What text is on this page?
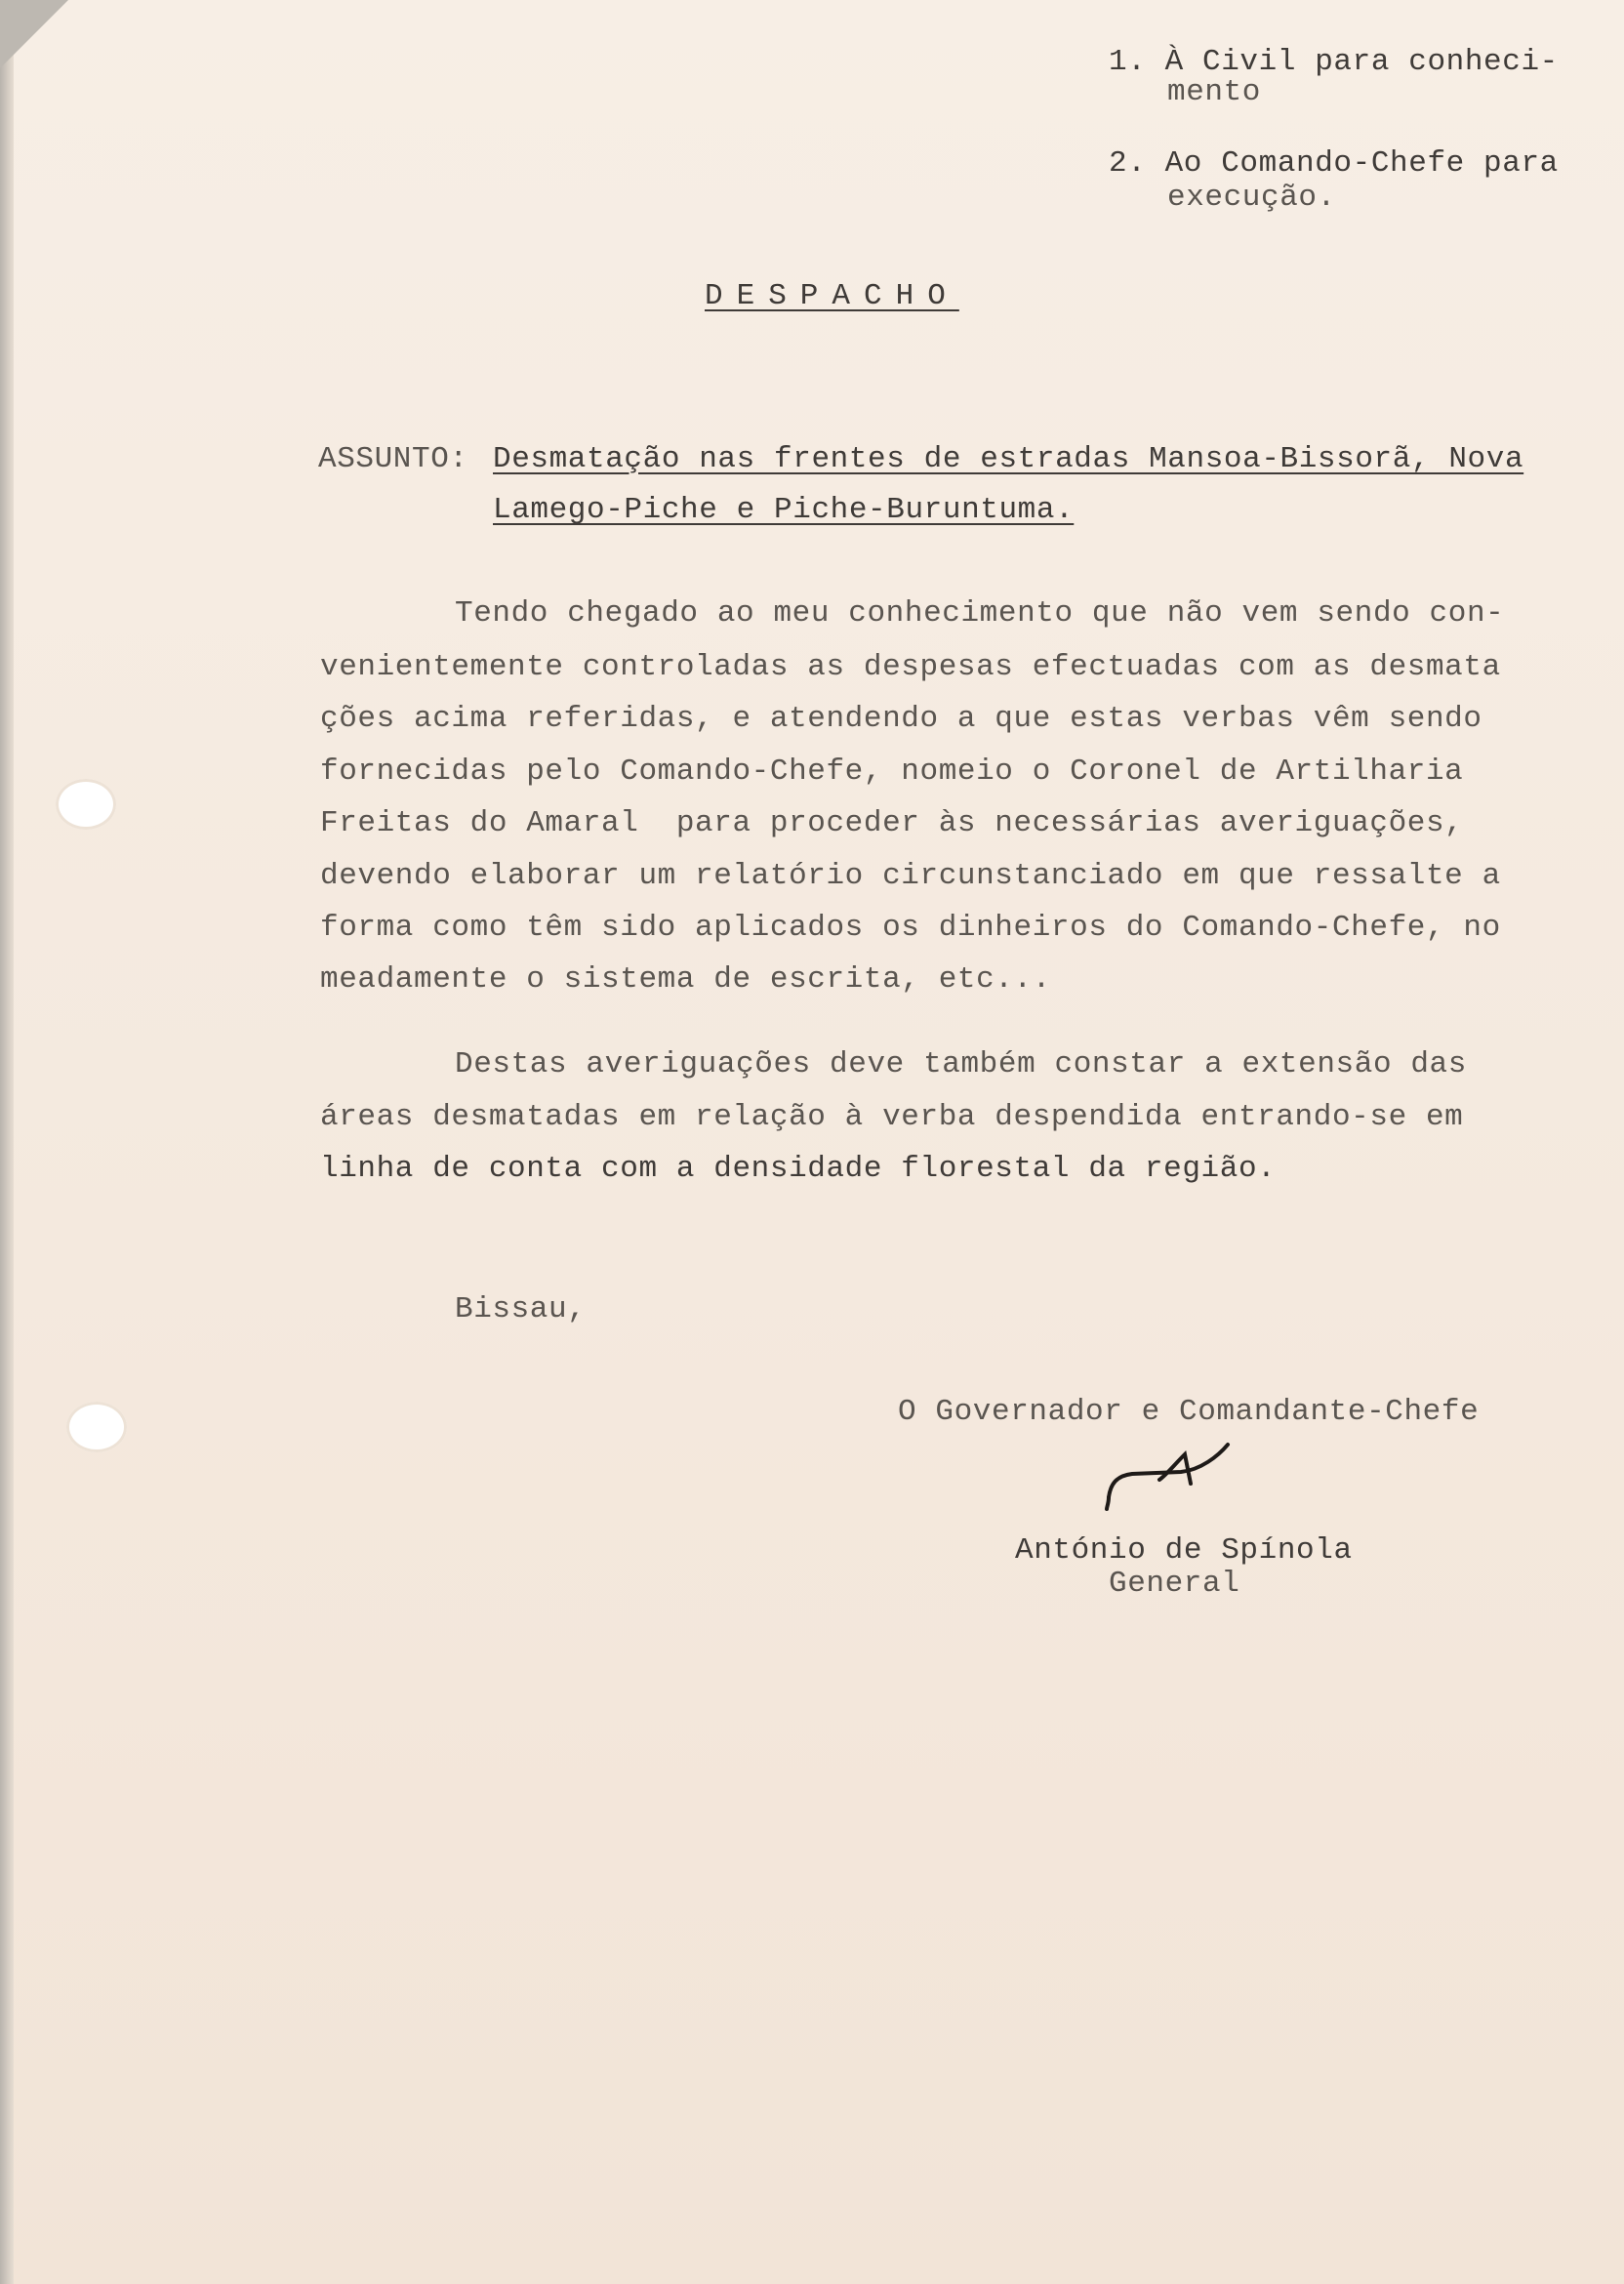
1. À Civil para conheci-
mento
2. Ao Comando-Chefe para
execução.
DESPACHO
ASSUNTO: Desmatação nas frentes de estradas Mansoa-Bissorã, Nova
Lamego-Piche e Piche-Buruntuma.
Tendo chegado ao meu conhecimento que não vem sendo con-
venientemente controladas as despesas efectuadas com as desmata
ções acima referidas, e atendendo a que estas verbas vêm sendo
fornecidas pelo Comando-Chefe, nomeio o Coronel de Artilharia
Freitas do Amaral  para proceder às necessárias averiguações,
devendo elaborar um relatório circunstanciado em que ressalte a
forma como têm sido aplicados os dinheiros do Comando-Chefe, no
meadamente o sistema de escrita, etc...
Destas averiguações deve também constar a extensão das
áreas desmatadas em relação à verba despendida entrando-se em
linha de conta com a densidade florestal da região.
Bissau,
O Governador e Comandante-Chefe
António de Spínola
General
